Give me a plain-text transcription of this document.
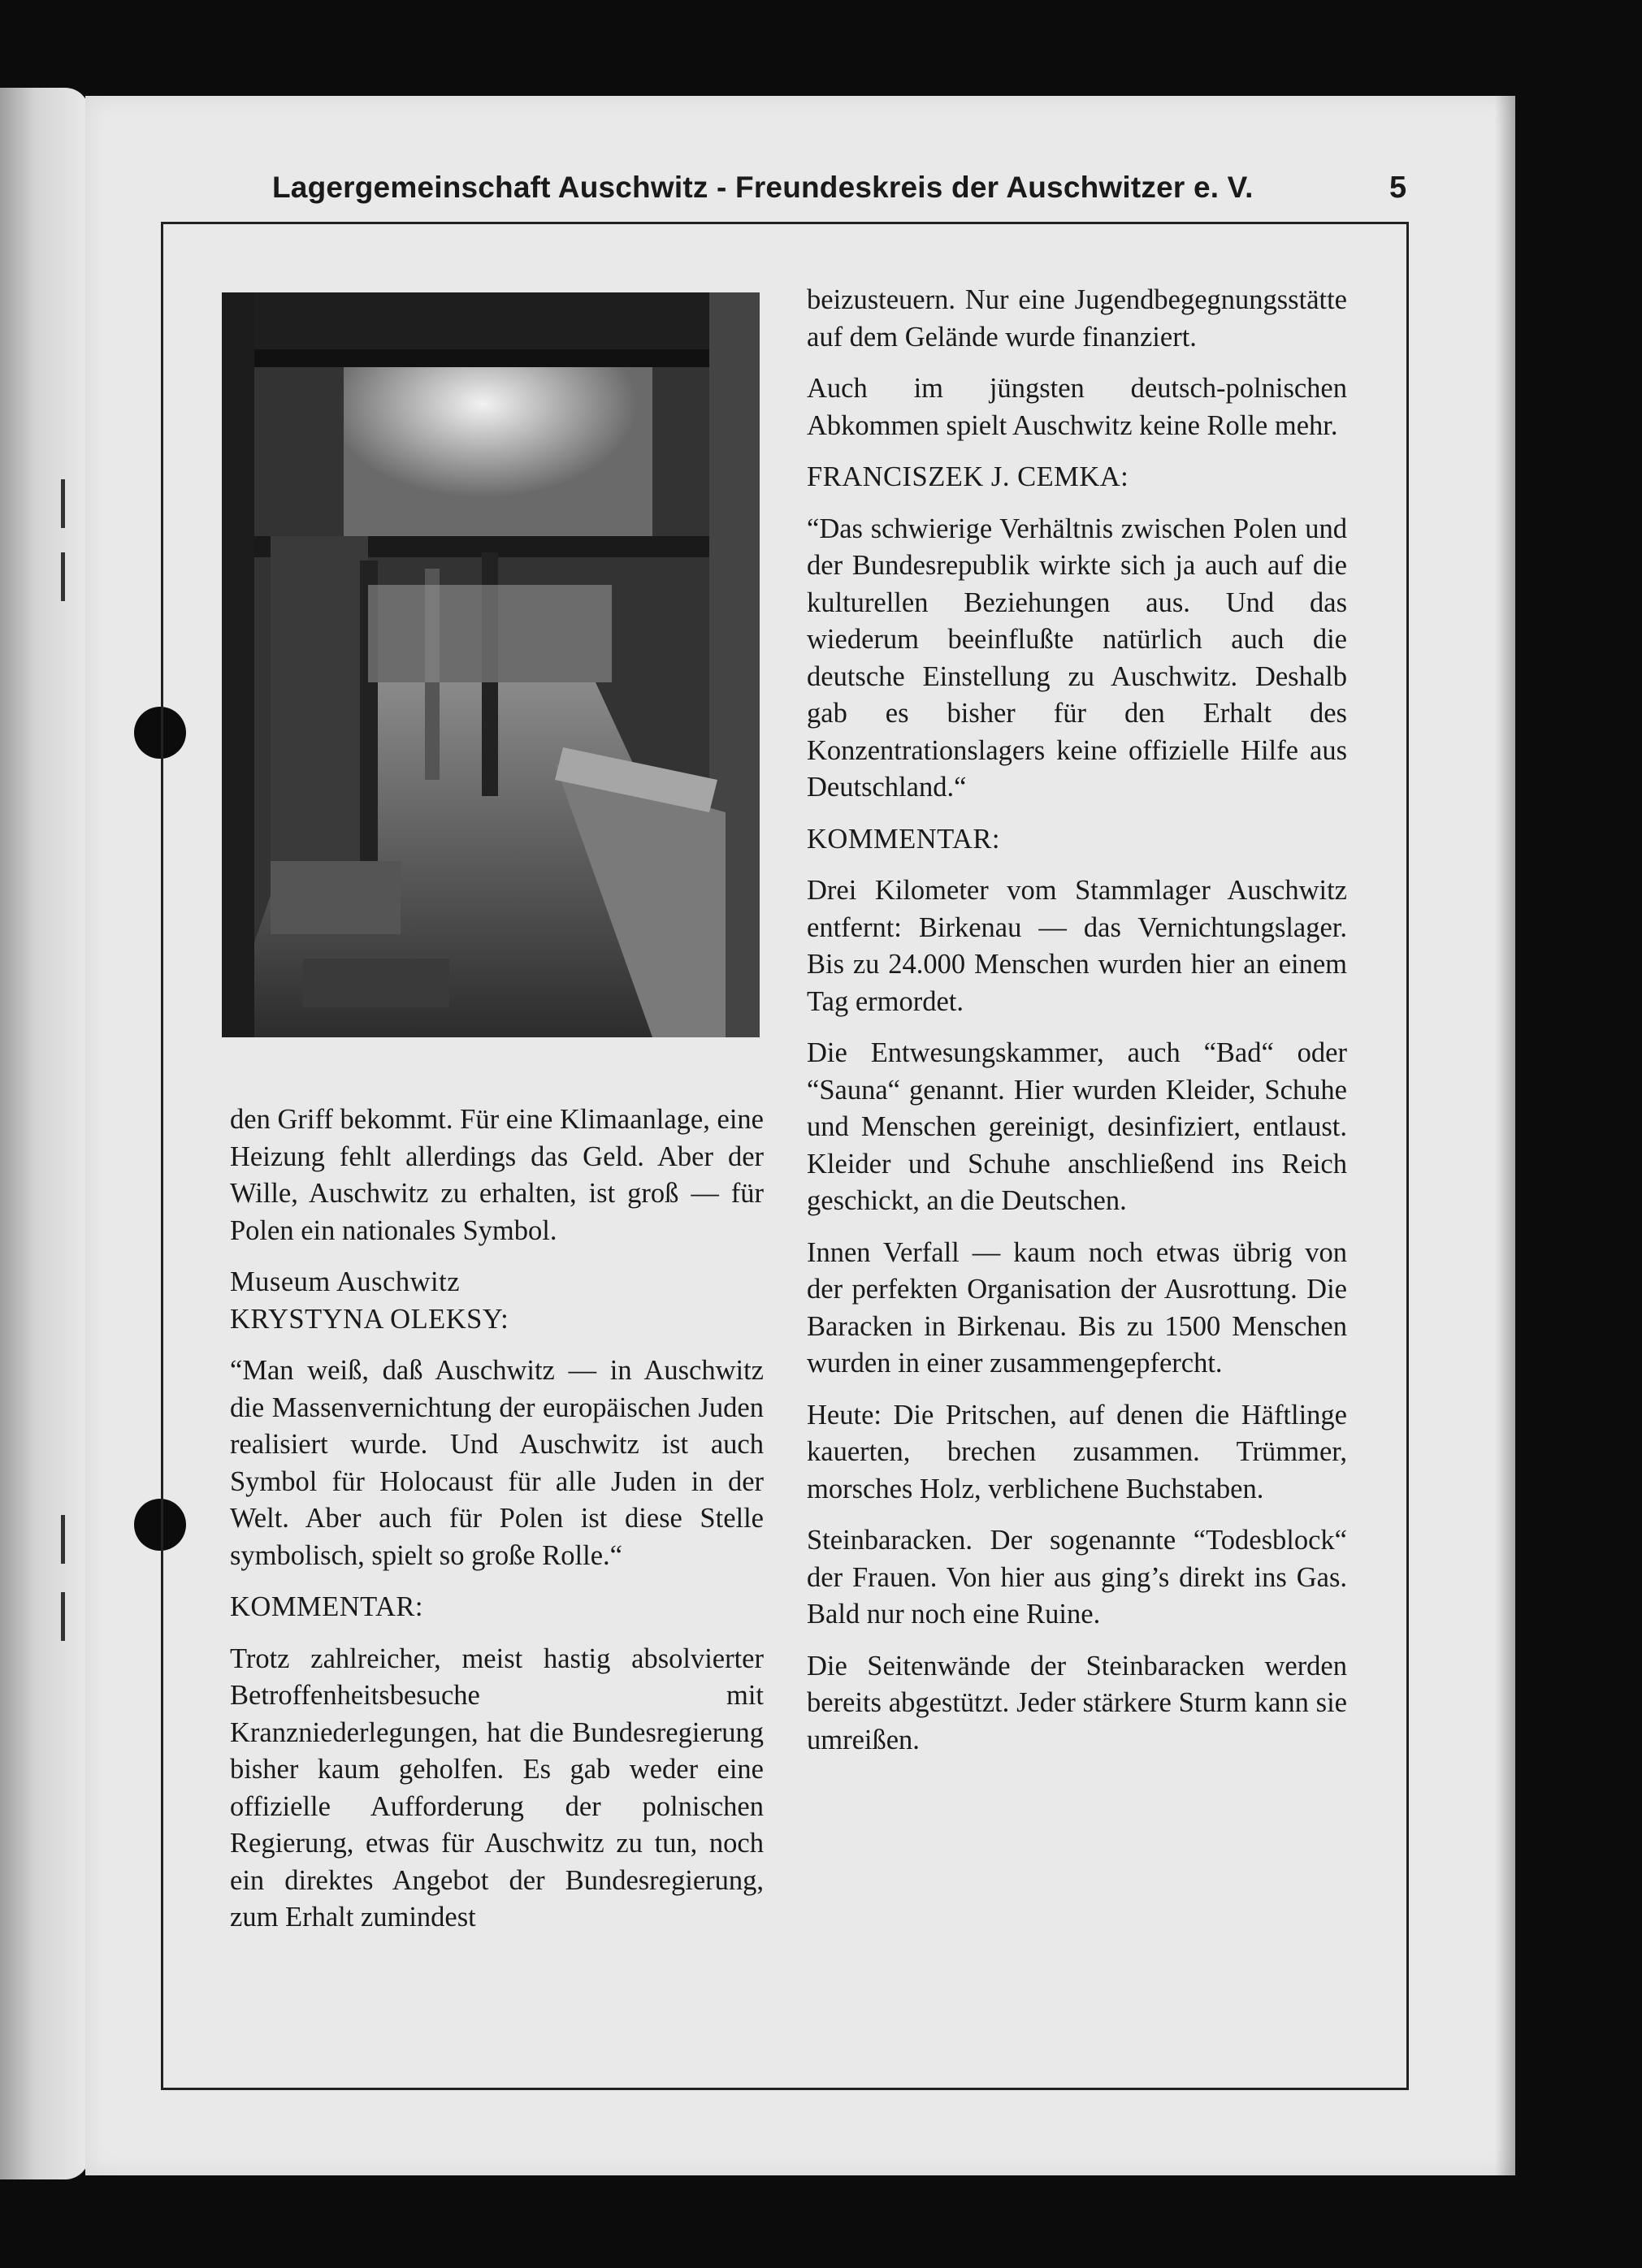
Lagergemeinschaft Auschwitz - Freundeskreis der Auschwitzer e. V.	5

den Griff bekommt. Für eine Klimaanlage, eine Heizung fehlt allerdings das Geld. Aber der Wille, Auschwitz zu erhalten, ist groß — für Polen ein nationales Symbol.

Museum Auschwitz

KRYSTYNA OLEKSY:

“Man weiß, daß Auschwitz — in Auschwitz die Massenvernichtung der europäischen Juden realisiert wurde. Und Auschwitz ist auch Symbol für Holocaust für alle Juden in der Welt. Aber auch für Polen ist diese Stelle symbolisch, spielt so große Rolle.“

KOMMENTAR:

Trotz zahlreicher, meist hastig absolvierter Betroffenheitsbesuche mit Kranzniederlegungen, hat die Bundesregierung bisher kaum geholfen. Es gab weder eine offizielle Aufforderung der polnischen Regierung, etwas für Auschwitz zu tun, noch ein direktes Angebot der Bundesregierung, zum Erhalt zumindest

beizusteuern. Nur eine Jugendbegegnungsstätte auf dem Gelände wurde finanziert.

Auch im jüngsten deutsch-polnischen Abkommen spielt Auschwitz keine Rolle mehr.

FRANCISZEK J. CEMKA:

“Das schwierige Verhältnis zwischen Polen und der Bundesrepublik wirkte sich ja auch auf die kulturellen Beziehungen aus. Und das wiederum beeinflußte natürlich auch die deutsche Einstellung zu Auschwitz. Deshalb gab es bisher für den Erhalt des Konzentrationslagers keine offizielle Hilfe aus Deutschland.“

KOMMENTAR:

Drei Kilometer vom Stammlager Auschwitz entfernt: Birkenau — das Vernichtungslager. Bis zu 24.000 Menschen wurden hier an einem Tag ermordet.

Die Entwesungskammer, auch “Bad“ oder “Sauna“ genannt. Hier wurden Kleider, Schuhe und Menschen gereinigt, desinfiziert, entlaust. Kleider und Schuhe anschließend ins Reich geschickt, an die Deutschen.

Innen Verfall — kaum noch etwas übrig von der perfekten Organisation der Ausrottung. Die Baracken in Birkenau. Bis zu 1500 Menschen wurden in einer zusammengepfercht.

Heute: Die Pritschen, auf denen die Häftlinge kauerten, brechen zusammen. Trümmer, morsches Holz, verblichene Buchstaben.

Steinbaracken. Der sogenannte “Todesblock“ der Frauen. Von hier aus ging’s direkt ins Gas. Bald nur noch eine Ruine.

Die Seitenwände der Steinbaracken werden bereits abgestützt. Jeder stärkere Sturm kann sie umreißen.
